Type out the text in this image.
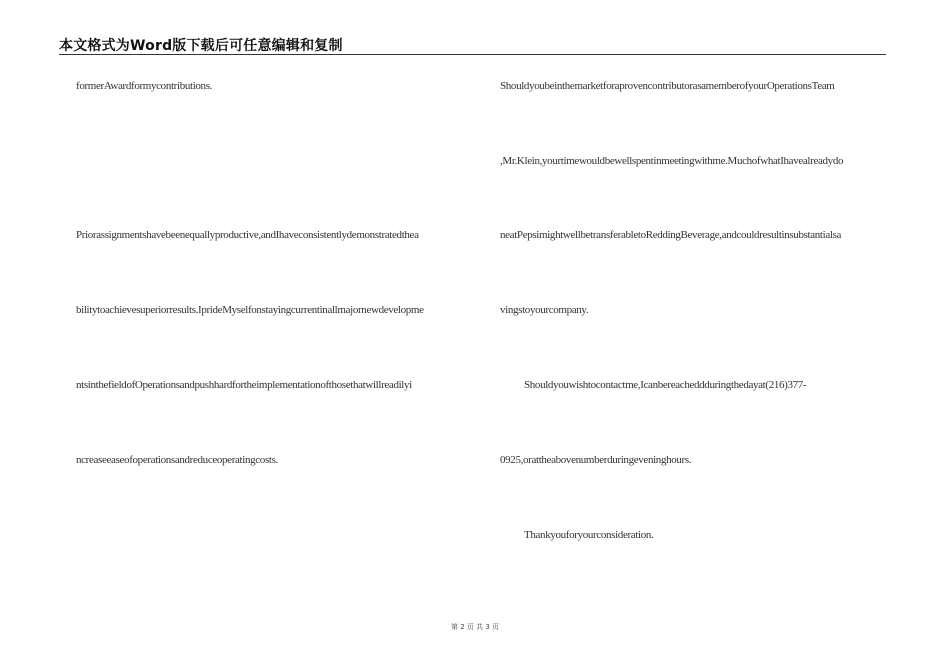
本文格式为Word版下载后可任意编辑和复制
formerAwardformycontributions.
Priorassignmentshavebeenequallyproductive,andIhaveconsistentlydemonstratedthea
bilitytoachievesuperiorresults.IprideMyselfonstayingcurrentinallmajornewdevelopme
ntsinthefieldofOperationsandpushhardfortheimplementationofthosethatwillreadilyi
ncreaseeaseofoperationsandreduceoperatingcosts.
ShouldyoubeinthemarketforaprovencontributorasamemberofyourOperationsTeam
,Mr.Klein,yourtimewouldbewellspentinmeetingwithme.MuchofwhatIhavealreadydo
neatPepsimightwellbetransferabletoReddingBeverage,andcouldresultinsubstantialsa
vingstoyourcompany.
Shouldyouwishtocontactme,Icanbereacheddduringthedayat(216)377-
0925,orattheabovenumberduringeveninghours.
Thankyouforyourconsideration.
第 2 页 共 3 页
